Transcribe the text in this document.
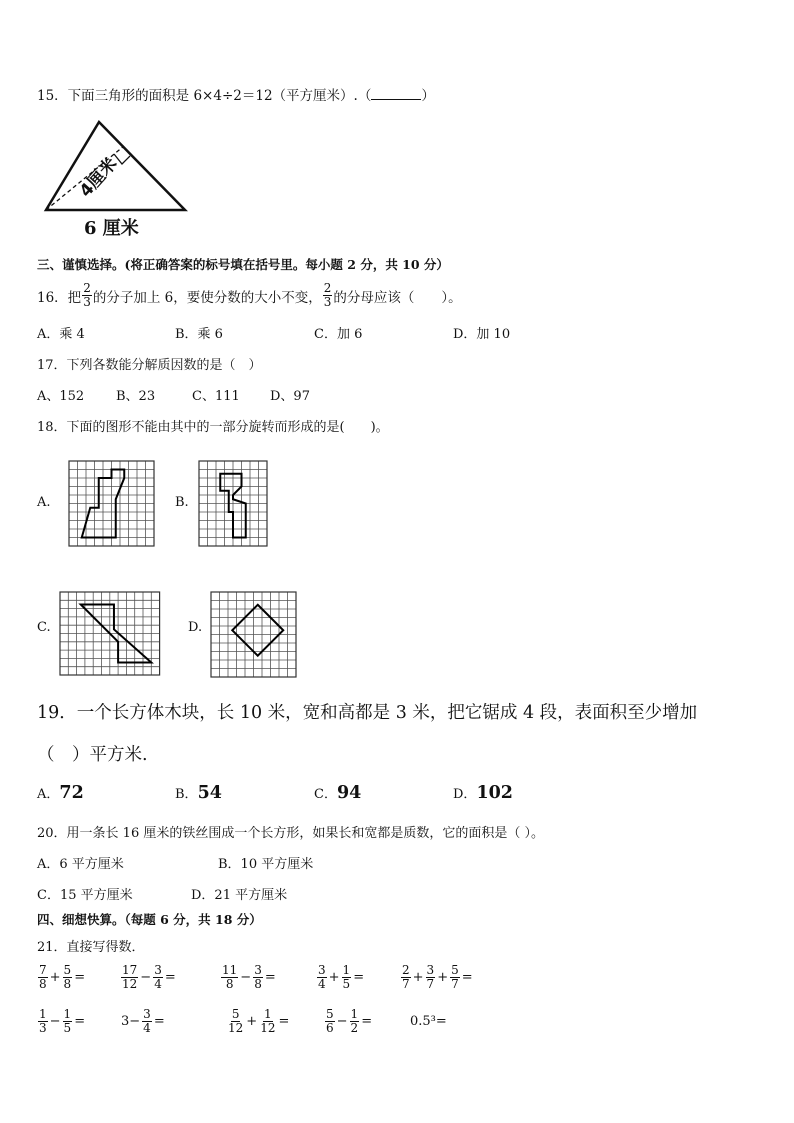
15．下面三角形的面积是 6×4÷2＝12（平方厘米）.（	）
4厘米
6 厘米
三、谨慎选择。(将正确答案的标号填在括号里。每小题 2 分，共 10 分）
16．把 $\frac{2}{3}$ 的分子加上 6，要使分数的大小不变， $\frac{2}{3}$ 的分母应该（　　）。
A．乘 4	B．乘 6	C．加 6	D．加 10
17．下列各数能分解质因数的是（　）
A、152 B、23	C、111 D、97
18．下面的图形不能由其中的一部分旋转而形成的是(　　)。
A.	B.
C.	D.
19．一个长方体木块，长 10 米，宽和高都是 3 米，把它锯成 4 段，表面积至少增加
（　）平方米.
A．72	B．54	C．94	D．102
20．用一条长 16 厘米的铁丝围成一个长方形，如果长和宽都是质数，它的面积是（ ）。
A．6 平方厘米	B．10 平方厘米
C．15 平方厘米	D．21 平方厘米
四、细想快算。（每题 6 分，共 18 分）
21．直接写得数．
$\frac{7}{8} + \frac{5}{8}$ =	$\frac{17}{12} - \frac{3}{4}$ =	$\frac{11}{8} - \frac{3}{8}$ =	$\frac{3}{4} + \frac{1}{5}$ =	$\frac{2}{7} + \frac{3}{7} + \frac{5}{7}$ =
$\frac{1}{3} - \frac{1}{5}$ =	$3- \frac{3}{4}$ =	$\frac{5}{12} + \frac{1}{12}$ =	$\frac{5}{6} - \frac{1}{2}$ =	0.5³=
